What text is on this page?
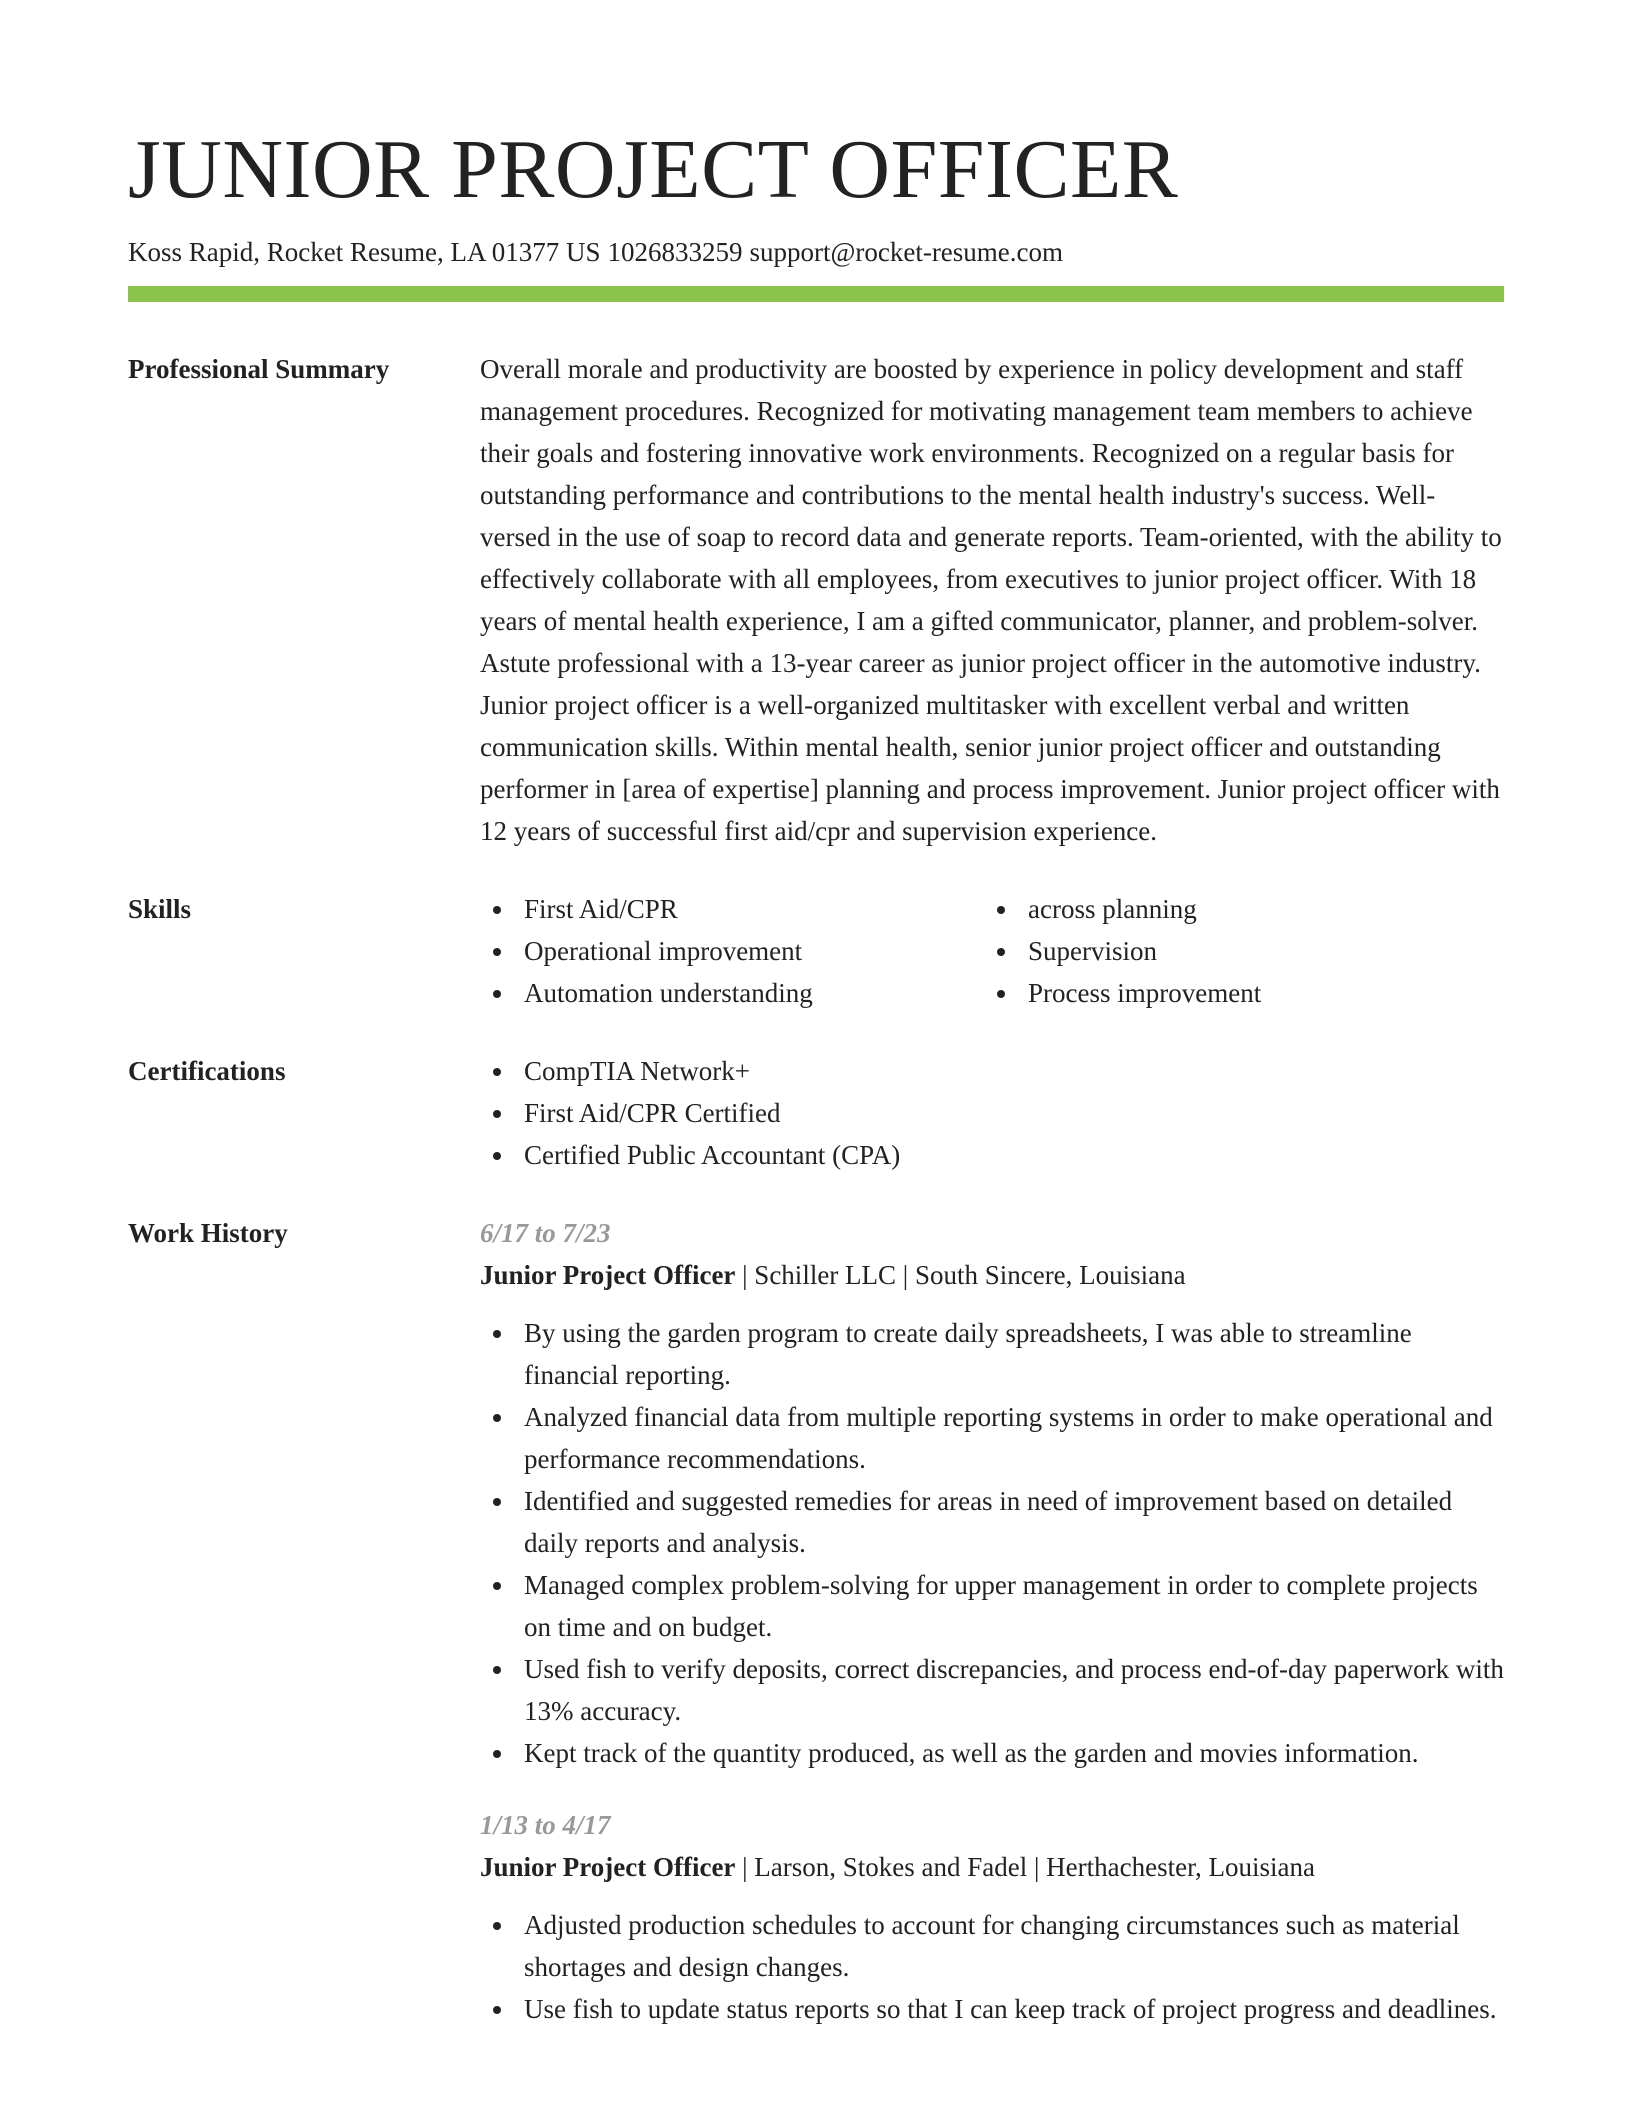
JUNIOR PROJECT OFFICER
Koss Rapid, Rocket Resume, LA 01377 US 1026833259 support@rocket-resume.com
Professional Summary	Overall morale and productivity are boosted by experience in policy development and staff management procedures. Recognized for motivating management team members to achieve their goals and fostering innovative work environments. Recognized on a regular basis for outstanding performance and contributions to the mental health industry's success. Well-versed in the use of soap to record data and generate reports. Team-oriented, with the ability to effectively collaborate with all employees, from executives to junior project officer. With 18 years of mental health experience, I am a gifted communicator, planner, and problem-solver. Astute professional with a 13-year career as junior project officer in the automotive industry. Junior project officer is a well-organized multitasker with excellent verbal and written communication skills. Within mental health, senior junior project officer and outstanding performer in [area of expertise] planning and process improvement. Junior project officer with 12 years of successful first aid/cpr and supervision experience.

Skills	First Aid/CPR
Operational improvement
Automation understanding
across planning
Supervision
Process improvement
Certifications	CompTIA Network+
First Aid/CPR Certified
Certified Public Accountant (CPA)
Work History	6/17 to 7/23
Junior Project Officer | Schiller LLC | South Sincere, Louisiana
By using the garden program to create daily spreadsheets, I was able to streamline financial reporting.
Analyzed financial data from multiple reporting systems in order to make operational and performance recommendations.
Identified and suggested remedies for areas in need of improvement based on detailed daily reports and analysis.
Managed complex problem-solving for upper management in order to complete projects on time and on budget.
Used fish to verify deposits, correct discrepancies, and process end-of-day paperwork with 13% accuracy.
Kept track of the quantity produced, as well as the garden and movies information.
1/13 to 4/17
Junior Project Officer | Larson, Stokes and Fadel | Herthachester, Louisiana
Adjusted production schedules to account for changing circumstances such as material shortages and design changes.
Use fish to update status reports so that I can keep track of project progress and deadlines.
